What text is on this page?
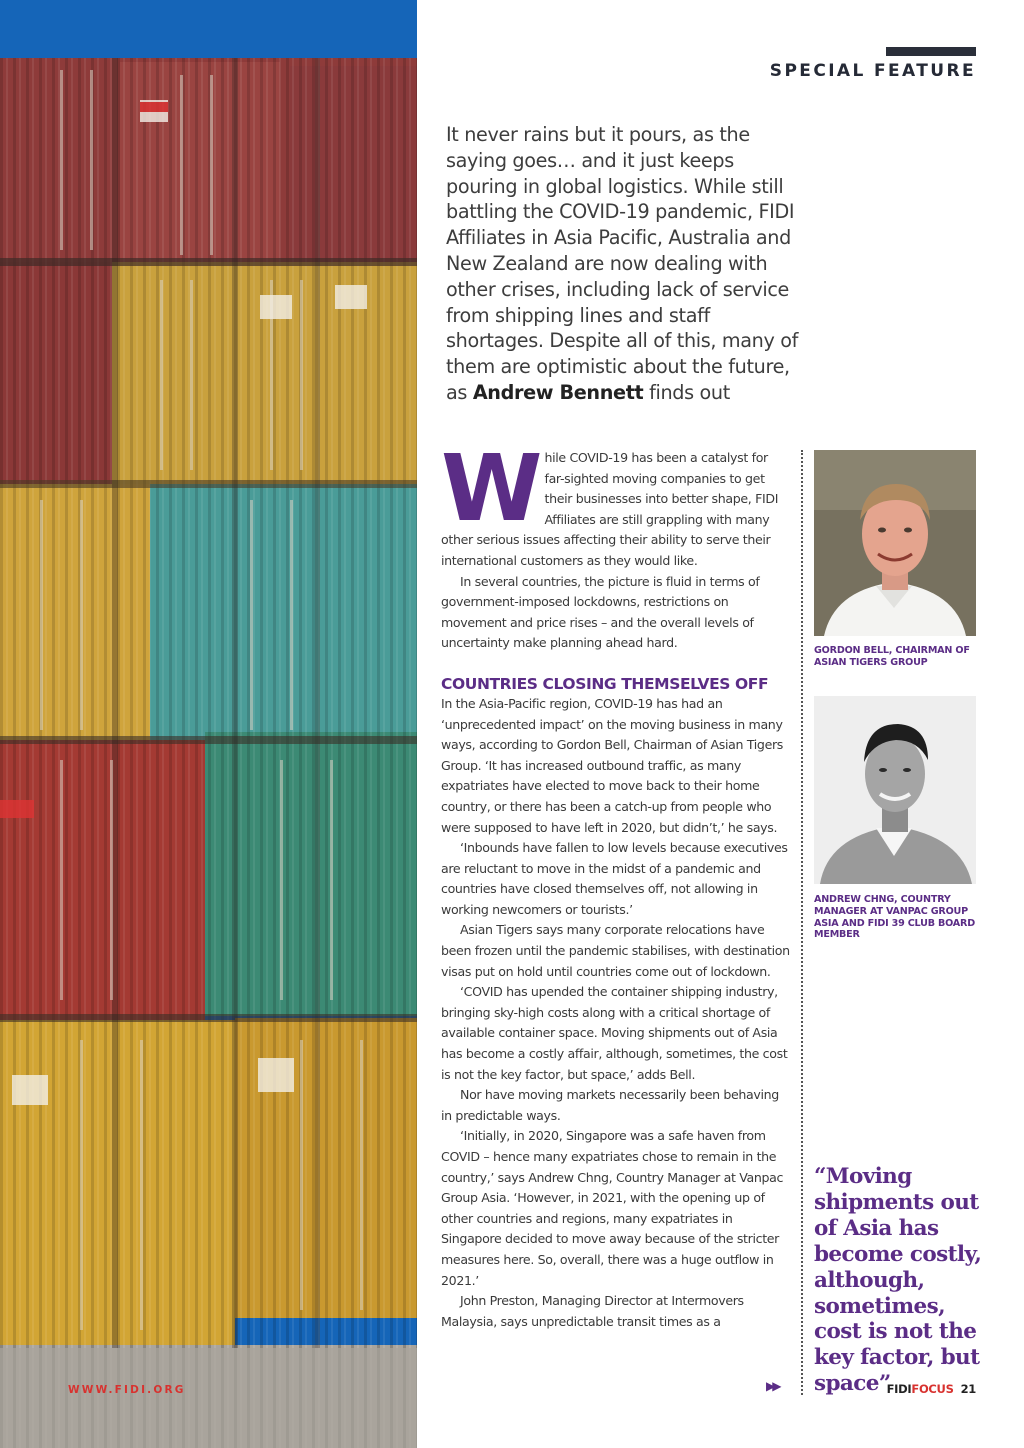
SPECIAL FEATURE
It never rains but it pours, as the saying goes… and it just keeps pouring in global logistics. While still battling the COVID-19 pandemic, FIDI Affiliates in Asia Pacific, Australia and New Zealand are now dealing with other crises, including lack of service from shipping lines and staff shortages. Despite all of this, many of them are optimistic about the future, as Andrew Bennett finds out

While COVID-19 has been a catalyst for far-sighted moving companies to get their businesses into better shape, FIDI Affiliates are still grappling with many other serious issues affecting their ability to serve their international customers as they would like.

In several countries, the picture is fluid in terms of government-imposed lockdowns, restrictions on movement and price rises – and the overall levels of uncertainty make planning ahead hard.

COUNTRIES CLOSING THEMSELVES OFF

In the Asia-Pacific region, COVID-19 has had an ‘unprecedented impact’ on the moving business in many ways, according to Gordon Bell, Chairman of Asian Tigers Group. ‘It has increased outbound traffic, as many expatriates have elected to move back to their home country, or there has been a catch-up from people who were supposed to have left in 2020, but didn’t,’ he says.

‘Inbounds have fallen to low levels because executives are reluctant to move in the midst of a pandemic and countries have closed themselves off, not allowing in working newcomers or tourists.’

Asian Tigers says many corporate relocations have been frozen until the pandemic stabilises, with destination visas put on hold until countries come out of lockdown.

‘COVID has upended the container shipping industry, bringing sky-high costs along with a critical shortage of available container space. Moving shipments out of Asia has become a costly affair, although, sometimes, the cost is not the key factor, but space,’ adds Bell.

Nor have moving markets necessarily been behaving in predictable ways.

‘Initially, in 2020, Singapore was a safe haven from COVID – hence many expatriates chose to remain in the country,’ says Andrew Chng, Country Manager at Vanpac Group Asia. ‘However, in 2021, with the opening up of other countries and regions, many expatriates in Singapore decided to move away because of the stricter measures here. So, overall, there was a huge outflow in 2021.’

John Preston, Managing Director at Intermovers Malaysia, says unpredictable transit times as a

▶▶
GORDON BELL, CHAIRMAN OF ASIAN TIGERS GROUP
ANDREW CHNG, COUNTRY MANAGER AT VANPAC GROUP ASIA AND FIDI 39 CLUB BOARD MEMBER
“Moving shipments out of Asia has become costly, although, sometimes, cost is not the key factor, but space”
WWW.FIDI.ORG	FIDIFOCUS 21
